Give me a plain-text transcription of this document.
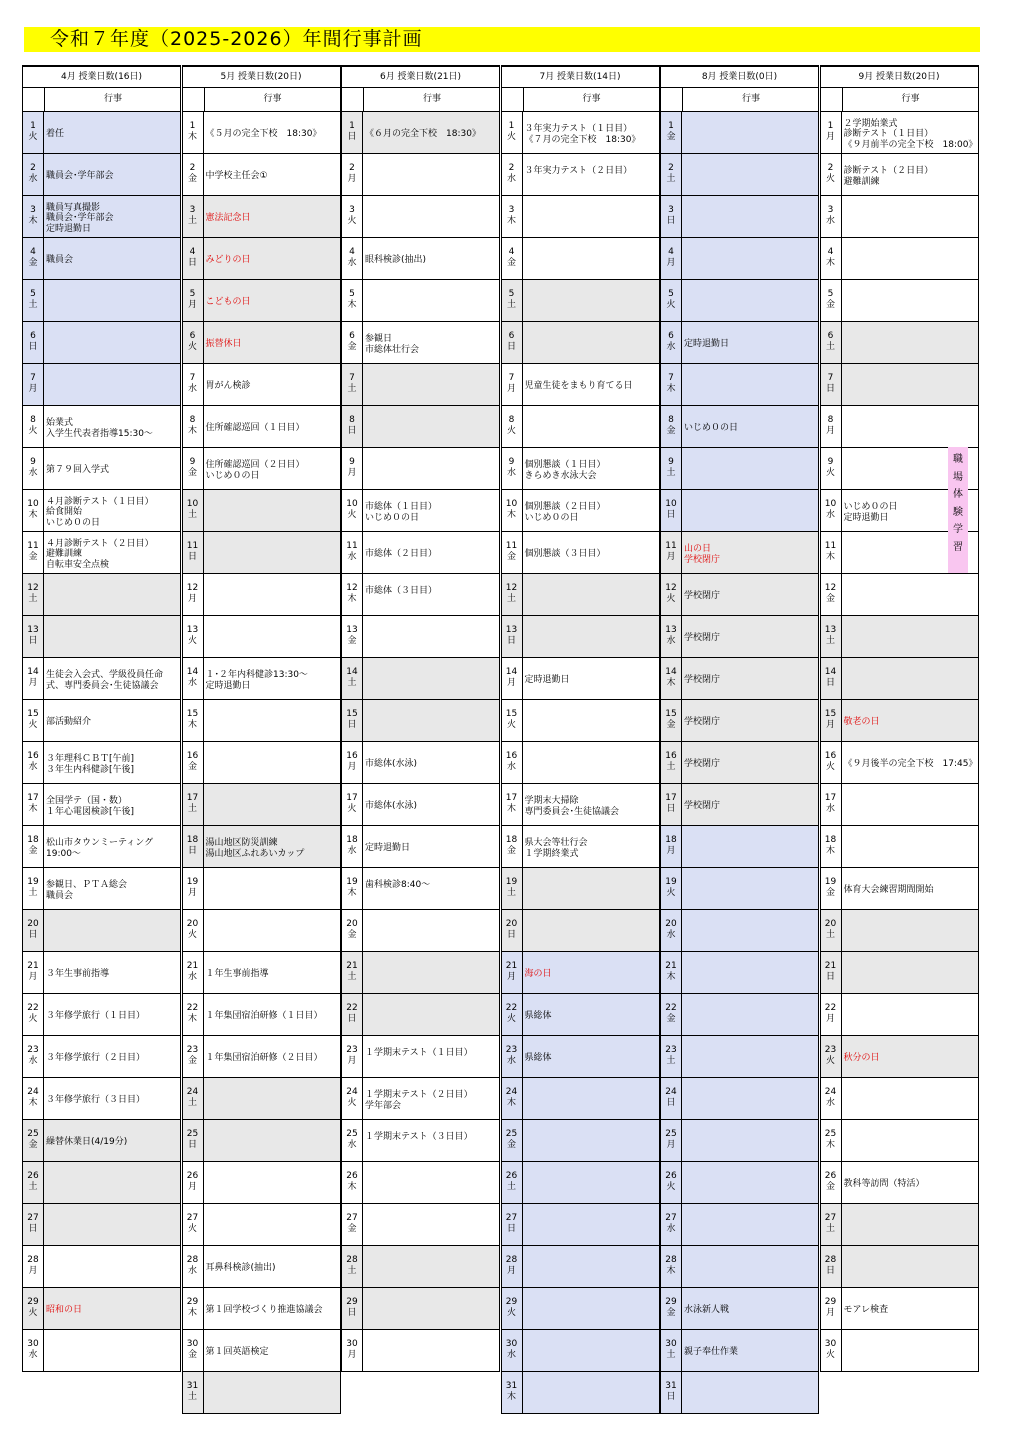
令和７年度（2025-2026）年間行事計画
4月 授業日数(16日)
行事
1
火 着任
2
水 職員会･学年部会
3
木
職員写真撮影
職員会･学年部会
定時退勤日
4
金 職員会
5
土
6
日
7
月
8
火
始業式
入学生代表者指導15:30～
9
水 第７９回入学式
10
木
４月診断テスト（１日目）
給食開始
いじめ０の日
11
金
４月診断テスト（２日目）
避難訓練
自転車安全点検
12
土
13
日
14
月
生徒会入会式、学級役員任命式、専門委員会･生徒協議会
15
火 部活動紹介
16
水
３年理科ＣＢＴ[午前]
３年生内科健診[午後]
17
木
全国学テ（国・数）
１年心電図検診[午後]
18
金
松山市タウンミーティング
19:00～
19
土
参観日、ＰＴＡ総会
職員会
20
日
21
月 ３年生事前指導
22
火 ３年修学旅行（１日目）
23
水 ３年修学旅行（２日目）
24
木 ３年修学旅行（３日目）
25
金 繰替休業日(4/19分)
26
土
27
日
28
月
29
火 昭和の日
30
水
5月 授業日数(20日)
行事
1
木 《５月の完全下校　18:30》
2
金 中学校主任会①
3
土 憲法記念日
4
日 みどりの日
5
月 こどもの日
6
火 振替休日
7
水 胃がん検診
8
木 住所確認巡回（１日目）
9
金
住所確認巡回（２日目）
いじめ０の日
10
土
11
日
12
月
13
火
14
水
１･２年内科健診13:30～
定時退勤日
15
木
16
金
17
土
18
日
湯山地区防災訓練
湯山地区ふれあいカップ
19
月
20
火
21
水 １年生事前指導
22
木 １年集団宿泊研修（１日目）
23
金 １年集団宿泊研修（２日目）
24
土
25
日
26
月
27
火
28
水 耳鼻科検診(抽出)
29
木 第１回学校づくり推進協議会
30
金 第１回英語検定
31
土
6月 授業日数(21日)
行事
1
日 《６月の完全下校　18:30》
2
月
3
火
4
水 眼科検診(抽出)
5
木
6
金
参観日
市総体壮行会
7
土
8
日
9
月
10
火
市総体（１日目）
いじめ０の日
11
水 市総体（２日目）
12
木
市総体（３日目）
13
金
14
土
15
日
16
月 市総体(水泳)
17
火 市総体(水泳)
18
水 定時退勤日
19
木
歯科検診8:40～
20
金
21
土
22
日
23
月
１学期末テスト（１日目）
24
火
１学期末テスト（２日目）
学年部会
25
水
１学期末テスト（３日目）
26
木
27
金
28
土
29
日
30
月
7月 授業日数(14日)
行事
1
火
３年実力テスト（１日目）
《７月の完全下校　18:30》
2
水
３年実力テスト（２日目）
3
木
4
金
5
土
6
日
7
月 児童生徒をまもり育てる日
8
火
9
水
個別懇談（１日目）
きらめき水泳大会
10
木
個別懇談（２日目）
いじめ０の日
11
金 個別懇談（３日目）
12
土
13
日
14
月 定時退勤日
15
火
16
水
17
木
学期末大掃除
専門委員会･生徒協議会
18
金
県大会等壮行会
１学期終業式
19
土
20
日
21
月 海の日
22
火 県総体
23
水 県総体
24
木
25
金
26
土
27
日
28
月
29
火
30
水
31
木
8月 授業日数(0日)
行事
1
金
2
土
3
日
4
月
5
火
6
水 定時退勤日
7
木
8
金 いじめ０の日
9
土
10
日
11
月
山の日
学校閉庁
12
火 学校閉庁
13
水 学校閉庁
14
木 学校閉庁
15
金 学校閉庁
16
土 学校閉庁
17
日 学校閉庁
18
月
19
火
20
水
21
木
22
金
23
土
24
日
25
月
26
火
27
水
28
木
29
金 水泳新人戦
30
土 親子奉仕作業
31
日
9月 授業日数(20日)
行事
1
月
２学期始業式
診断テスト（１日目）
《９月前半の完全下校　18:00》
2
火
診断テスト（２日目）
避難訓練
3
水
4
木
5
金
6
土
7
日
8
月
9
火
10
水
いじめ０の日
定時退勤日
11
木
12
金
13
土
14
日
15
月 敬老の日
16
火 《９月後半の完全下校　17:45》
17
水
18
木
19
金 体育大会練習期間開始
20
土
21
日
22
月
23
火 秋分の日
24
水
25
木
26
金 教科等訪問（特活）
27
土
28
日
29
月 モアレ検査
30
火
職
場
体
験
学
習
